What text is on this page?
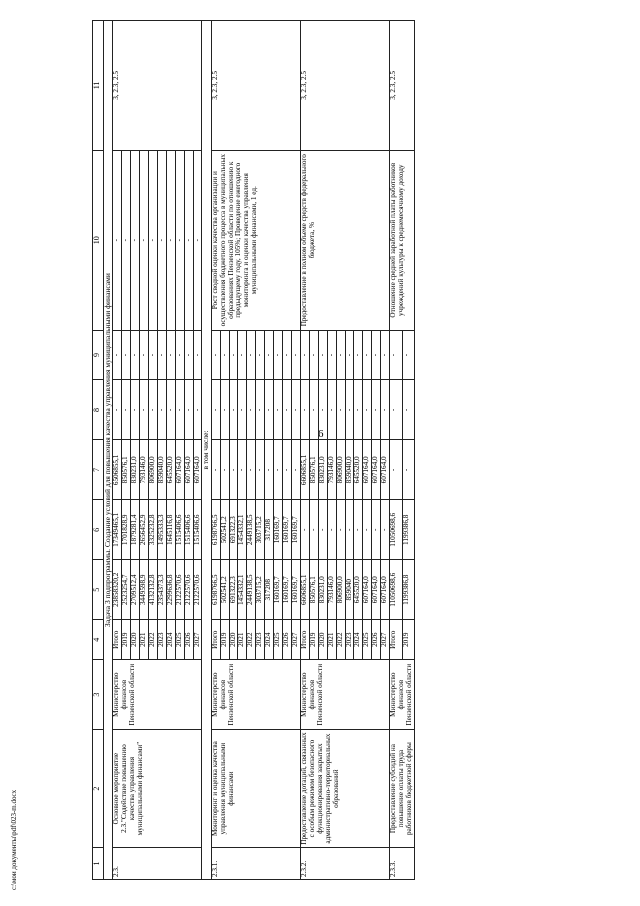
6
c:\мои документы\pdf\023-m.docx	1	2	3	4	5	6	7	8	9	10	11
Задача 3 подпрограммы. Создание условий для повышения качества управления муниципальными финансами										
2.3.	Основное мероприятие 2.3."Содействие повышению качества управления муниципальными финансами"	Министерство финансов Пензенской области	Итого	23858320,2	17349465,1	6506855,1	-	-	-	3, 2.3, 2.5
			2019	2523254,7	1701828,9	850576,1	-	-	-	
			2020	2709512,4	1879281,4	830231,0	-	-	-	
			2021	3449598,9	2656452,9	793146,0	-	-	-	
			2022	4132132,8	3325232,8	806900,0	-	-	-	
			2023	2354373,3	1495333,3	859040,0	-	-	-	
			2024	2299636,8	1645116,8	645520,0	-	-	-	
			2025	2122570,6	1515406,6	607164,0	-	-	-	
			2026	2122570,6	1515406,6	607164,0	-	-	-	
			2027	2122570,6	1515406,6	607164,0	-	-	-	
в том числе:										
2.3.1.	Мониторинг и оценка качества управления муниципальными финансами	Министерство финансов Пензенской области	Итого	6198766,5	6198766,5	-	-	-	Рост сводной оценки качества организации и осуществления бюджетного процесса в муниципальных образованиях Пензенской области по отношению к предыдущему году, 105%; Проведение ежегодного мониторинга и оценки качества управления муниципальными финансами, 1 ед.	3, 2.3, 2.5
			2019	502541,2	502541,2	-	-	-		
			2020	691322,3	691322,3	-	-	-		
			2021	1454332,1	1454332,1	-	-	-		
			2022	2449138,5	2449138,5	-	-	-		
			2023	303715,2	303715,2	-	-	-		
			2024	317208	317208	-	-	-		
			2025	160169,7	160169,7	-	-	-		
			2026	160169,7	160169,7	-	-	-		
			2027	160169,7	160169,7	-	-	-		
2.3.2.	Предоставление дотаций, связанных с особым режимом безопасного функционирования закрытых административно-территориальных образований	Министерство финансов Пензенской области	Итого	6606855,1	-	6606855,1	-	-	Предоставление в полном объеме средств федерального бюджета, %	3, 2.3, 2.5
			2019	850576,1	-	850576,1	-	-		
			2020	830231,0	-	830231,0	-	-		
			2021	793146,0	-	793146,0	-	-		
			2022	806900,0	-	806900,0	-	-		
			2023	859040	-	859040,0	-	-		
			2024	645520,0	-	645520,0	-	-		
			2025	607164,0	-	607164,0	-	-		
			2026	607164,0	-	607164,0	-	-		
			2027	607164,0	-	607164,0	-	-		
2.3.3.	Предоставление субсидий на повышение оплаты труда работников бюджетной сферы	Министерство финансов Пензенской области	Итого	11050698,6	11050698,6	-	-	-	Отношение средней заработной платы работников учреждений культуры к среднемесячному доходу	3, 2.3, 2.5
			2019	1199386,8	1199386,8	-	-	-		
